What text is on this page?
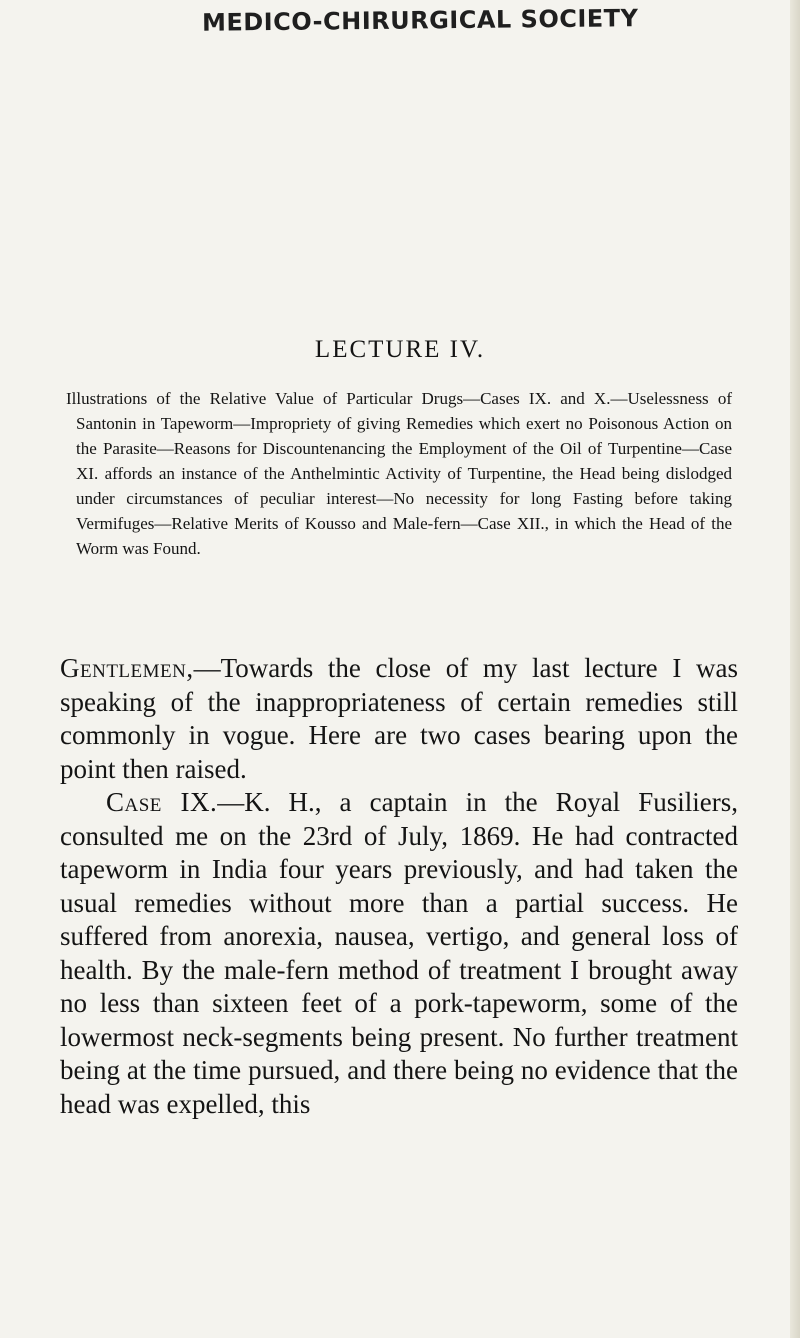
MEDICO-CHIRURGICAL SOCIETY
LECTURE IV.

Illustrations of the Relative Value of Particular Drugs—Cases IX. and X.—Uselessness of Santonin in Tapeworm—Impropriety of giving Remedies which exert no Poisonous Action on the Parasite—Reasons for Discountenancing the Employment of the Oil of Turpentine—Case XI. affords an instance of the Anthelmintic Activity of Turpentine, the Head being dislodged under circumstances of peculiar interest—No necessity for long Fasting before taking Vermifuges—Relative Merits of Kousso and Male-fern—Case XII., in which the Head of the Worm was Found.

Gentlemen,—Towards the close of my last lecture I was speaking of the inappropriateness of certain remedies still commonly in vogue. Here are two cases bearing upon the point then raised.

Case IX.—K. H., a captain in the Royal Fusiliers, consulted me on the 23rd of July, 1869. He had contracted tapeworm in India four years previously, and had taken the usual remedies without more than a partial success. He suffered from anorexia, nausea, vertigo, and general loss of health. By the male-fern method of treatment I brought away no less than sixteen feet of a pork-tapeworm, some of the lowermost neck-segments being present. No further treatment being at the time pursued, and there being no evidence that the head was expelled, this
